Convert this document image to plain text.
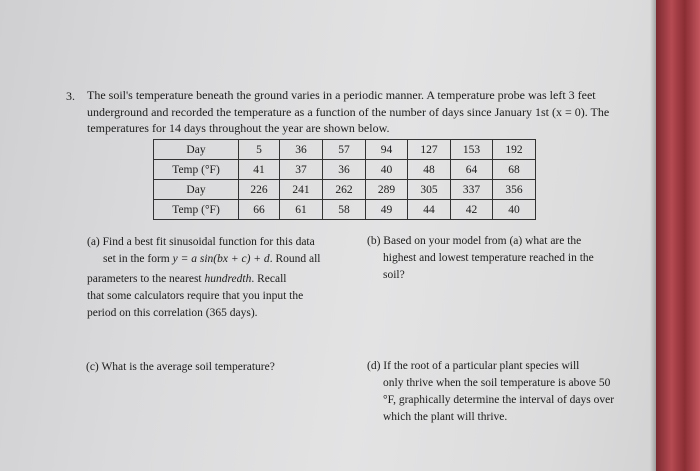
3. The soil's temperature beneath the ground varies in a periodic manner. A temperature probe was left 3 feet underground and recorded the temperature as a function of the number of days since January 1st (x = 0). The temperatures for 14 days throughout the year are shown below.

Day	5	36	57	94	127	153	192
Temp (°F)	41	37	36	40	48	64	68
Day	226	241	262	289	305	337	356
Temp (°F)	66	61	58	49	44	42	40
(a) Find a best fit sinusoidal function for this data
set in the form y = a sin(bx + c) + d. Round all
parameters to the nearest hundredth. Recall
that some calculators require that you input the
period on this correlation (365 days).
(b) Based on your model from (a) what are the
highest and lowest temperature reached in the soil?
(c) What is the average soil temperature?	(d) If the root of a particular plant species will
only thrive when the soil temperature is above 50 °F, graphically determine the interval of days over which the plant will thrive.
